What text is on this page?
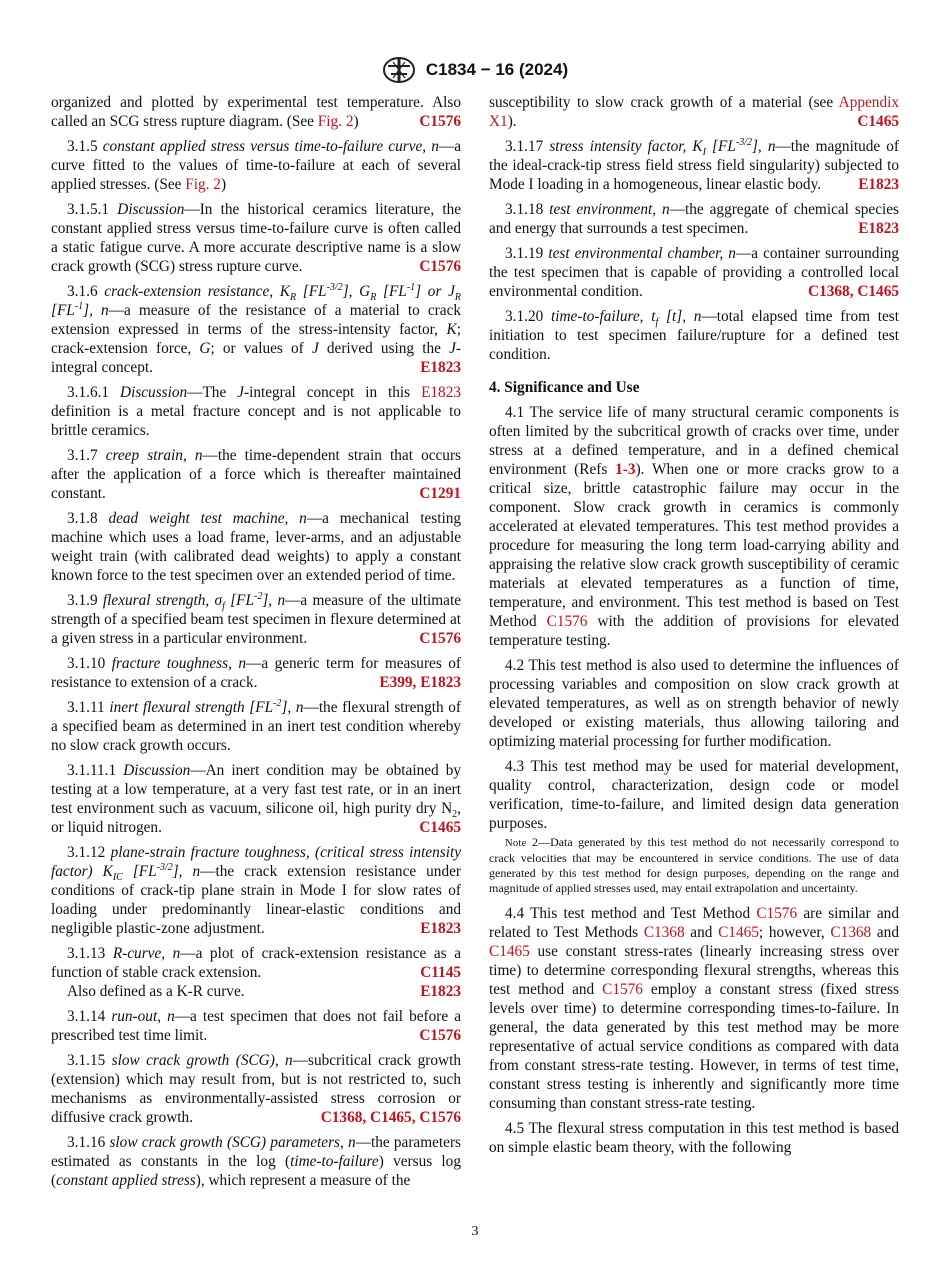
C1834 − 16 (2024)

organized and plotted by experimental test temperature. Also called an SCG stress rupture diagram. (See Fig. 2)	C1576

3.1.5 constant applied stress versus time-to-failure curve, n—a curve fitted to the values of time-to-failure at each of several applied stresses. (See Fig. 2)

3.1.5.1 Discussion—In the historical ceramics literature, the constant applied stress versus time-to-failure curve is often called a static fatigue curve. A more accurate descriptive name is a slow crack growth (SCG) stress rupture curve.	C1576

3.1.6 crack-extension resistance, $K_R$ $[FL^{-3/2}]$, $G_R$ $[FL^{-1}]$ or $J_R$ $[FL^{-1}]$, n—a measure of the resistance of a material to crack extension expressed in terms of the stress-intensity factor, K; crack-extension force, G; or values of J derived using the J-integral concept.	E1823

3.1.6.1 Discussion—The J-integral concept in this E1823 definition is a metal fracture concept and is not applicable to brittle ceramics.

3.1.7 creep strain, n—the time-dependent strain that occurs after the application of a force which is thereafter maintained constant.	C1291

3.1.8 dead weight test machine, n—a mechanical testing machine which uses a load frame, lever-arms, and an adjustable weight train (with calibrated dead weights) to apply a constant known force to the test specimen over an extended period of time.

3.1.9 flexural strength, $\sigma_f$ $[FL^{-2}]$, n—a measure of the ultimate strength of a specified beam test specimen in flexure determined at a given stress in a particular environment.	C1576

3.1.10 fracture toughness, n—a generic term for measures of resistance to extension of a crack.	E399, E1823

3.1.11 inert flexural strength $[FL^{-2}]$, n—the flexural strength of a specified beam as determined in an inert test condition whereby no slow crack growth occurs.

3.1.11.1 Discussion—An inert condition may be obtained by testing at a low temperature, at a very fast test rate, or in an inert test environment such as vacuum, silicone oil, high purity dry $N_2$, or liquid nitrogen.	C1465

3.1.12 plane-strain fracture toughness, (critical stress intensity factor) $K_{IC}$ $[FL^{-3/2}]$, n—the crack extension resistance under conditions of crack-tip plane strain in Mode I for slow rates of loading under predominantly linear-elastic conditions and negligible plastic-zone adjustment.	E1823

3.1.13 R-curve, n—a plot of crack-extension resistance as a function of stable crack extension.	C1145

Also defined as a K-R curve.	E1823

3.1.14 run-out, n—a test specimen that does not fail before a prescribed test time limit.	C1576

3.1.15 slow crack growth (SCG), n—subcritical crack growth (extension) which may result from, but is not restricted to, such mechanisms as environmentally-assisted stress corrosion or diffusive crack growth.	C1368, C1465, C1576

3.1.16 slow crack growth (SCG) parameters, n—the parameters estimated as constants in the log (time-to-failure) versus log (constant applied stress), which represent a measure of the

susceptibility to slow crack growth of a material (see Appendix X1).	C1465

3.1.17 stress intensity factor, $K_I$ $[FL^{-3/2}]$, n—the magnitude of the ideal-crack-tip stress field stress field singularity) subjected to Mode I loading in a homogeneous, linear elastic body.	E1823

3.1.18 test environment, n—the aggregate of chemical species and energy that surrounds a test specimen.	E1823

3.1.19 test environmental chamber, n—a container surrounding the test specimen that is capable of providing a controlled local environmental condition.	C1368, C1465

3.1.20 time-to-failure, $t_f$ [t], n—total elapsed time from test initiation to test specimen failure/rupture for a defined test condition.

4. Significance and Use

4.1 The service life of many structural ceramic components is often limited by the subcritical growth of cracks over time, under stress at a defined temperature, and in a defined chemical environment (Refs 1-3). When one or more cracks grow to a critical size, brittle catastrophic failure may occur in the component. Slow crack growth in ceramics is commonly accelerated at elevated temperatures. This test method provides a procedure for measuring the long term load-carrying ability and appraising the relative slow crack growth susceptibility of ceramic materials at elevated temperatures as a function of time, temperature, and environment. This test method is based on Test Method C1576 with the addition of provisions for elevated temperature testing.

4.2 This test method is also used to determine the influences of processing variables and composition on slow crack growth at elevated temperatures, as well as on strength behavior of newly developed or existing materials, thus allowing tailoring and optimizing material processing for further modification.

4.3 This test method may be used for material development, quality control, characterization, design code or model verification, time-to-failure, and limited design data generation purposes.

Note 2—Data generated by this test method do not necessarily correspond to crack velocities that may be encountered in service conditions. The use of data generated by this test method for design purposes, depending on the range and magnitude of applied stresses used, may entail extrapolation and uncertainty.

4.4 This test method and Test Method C1576 are similar and related to Test Methods C1368 and C1465; however, C1368 and C1465 use constant stress-rates (linearly increasing stress over time) to determine corresponding flexural strengths, whereas this test method and C1576 employ a constant stress (fixed stress levels over time) to determine corresponding times-to-failure. In general, the data generated by this test method may be more representative of actual service conditions as compared with data from constant stress-rate testing. However, in terms of test time, constant stress testing is inherently and significantly more time consuming than constant stress-rate testing.

4.5 The flexural stress computation in this test method is based on simple elastic beam theory, with the following

3
